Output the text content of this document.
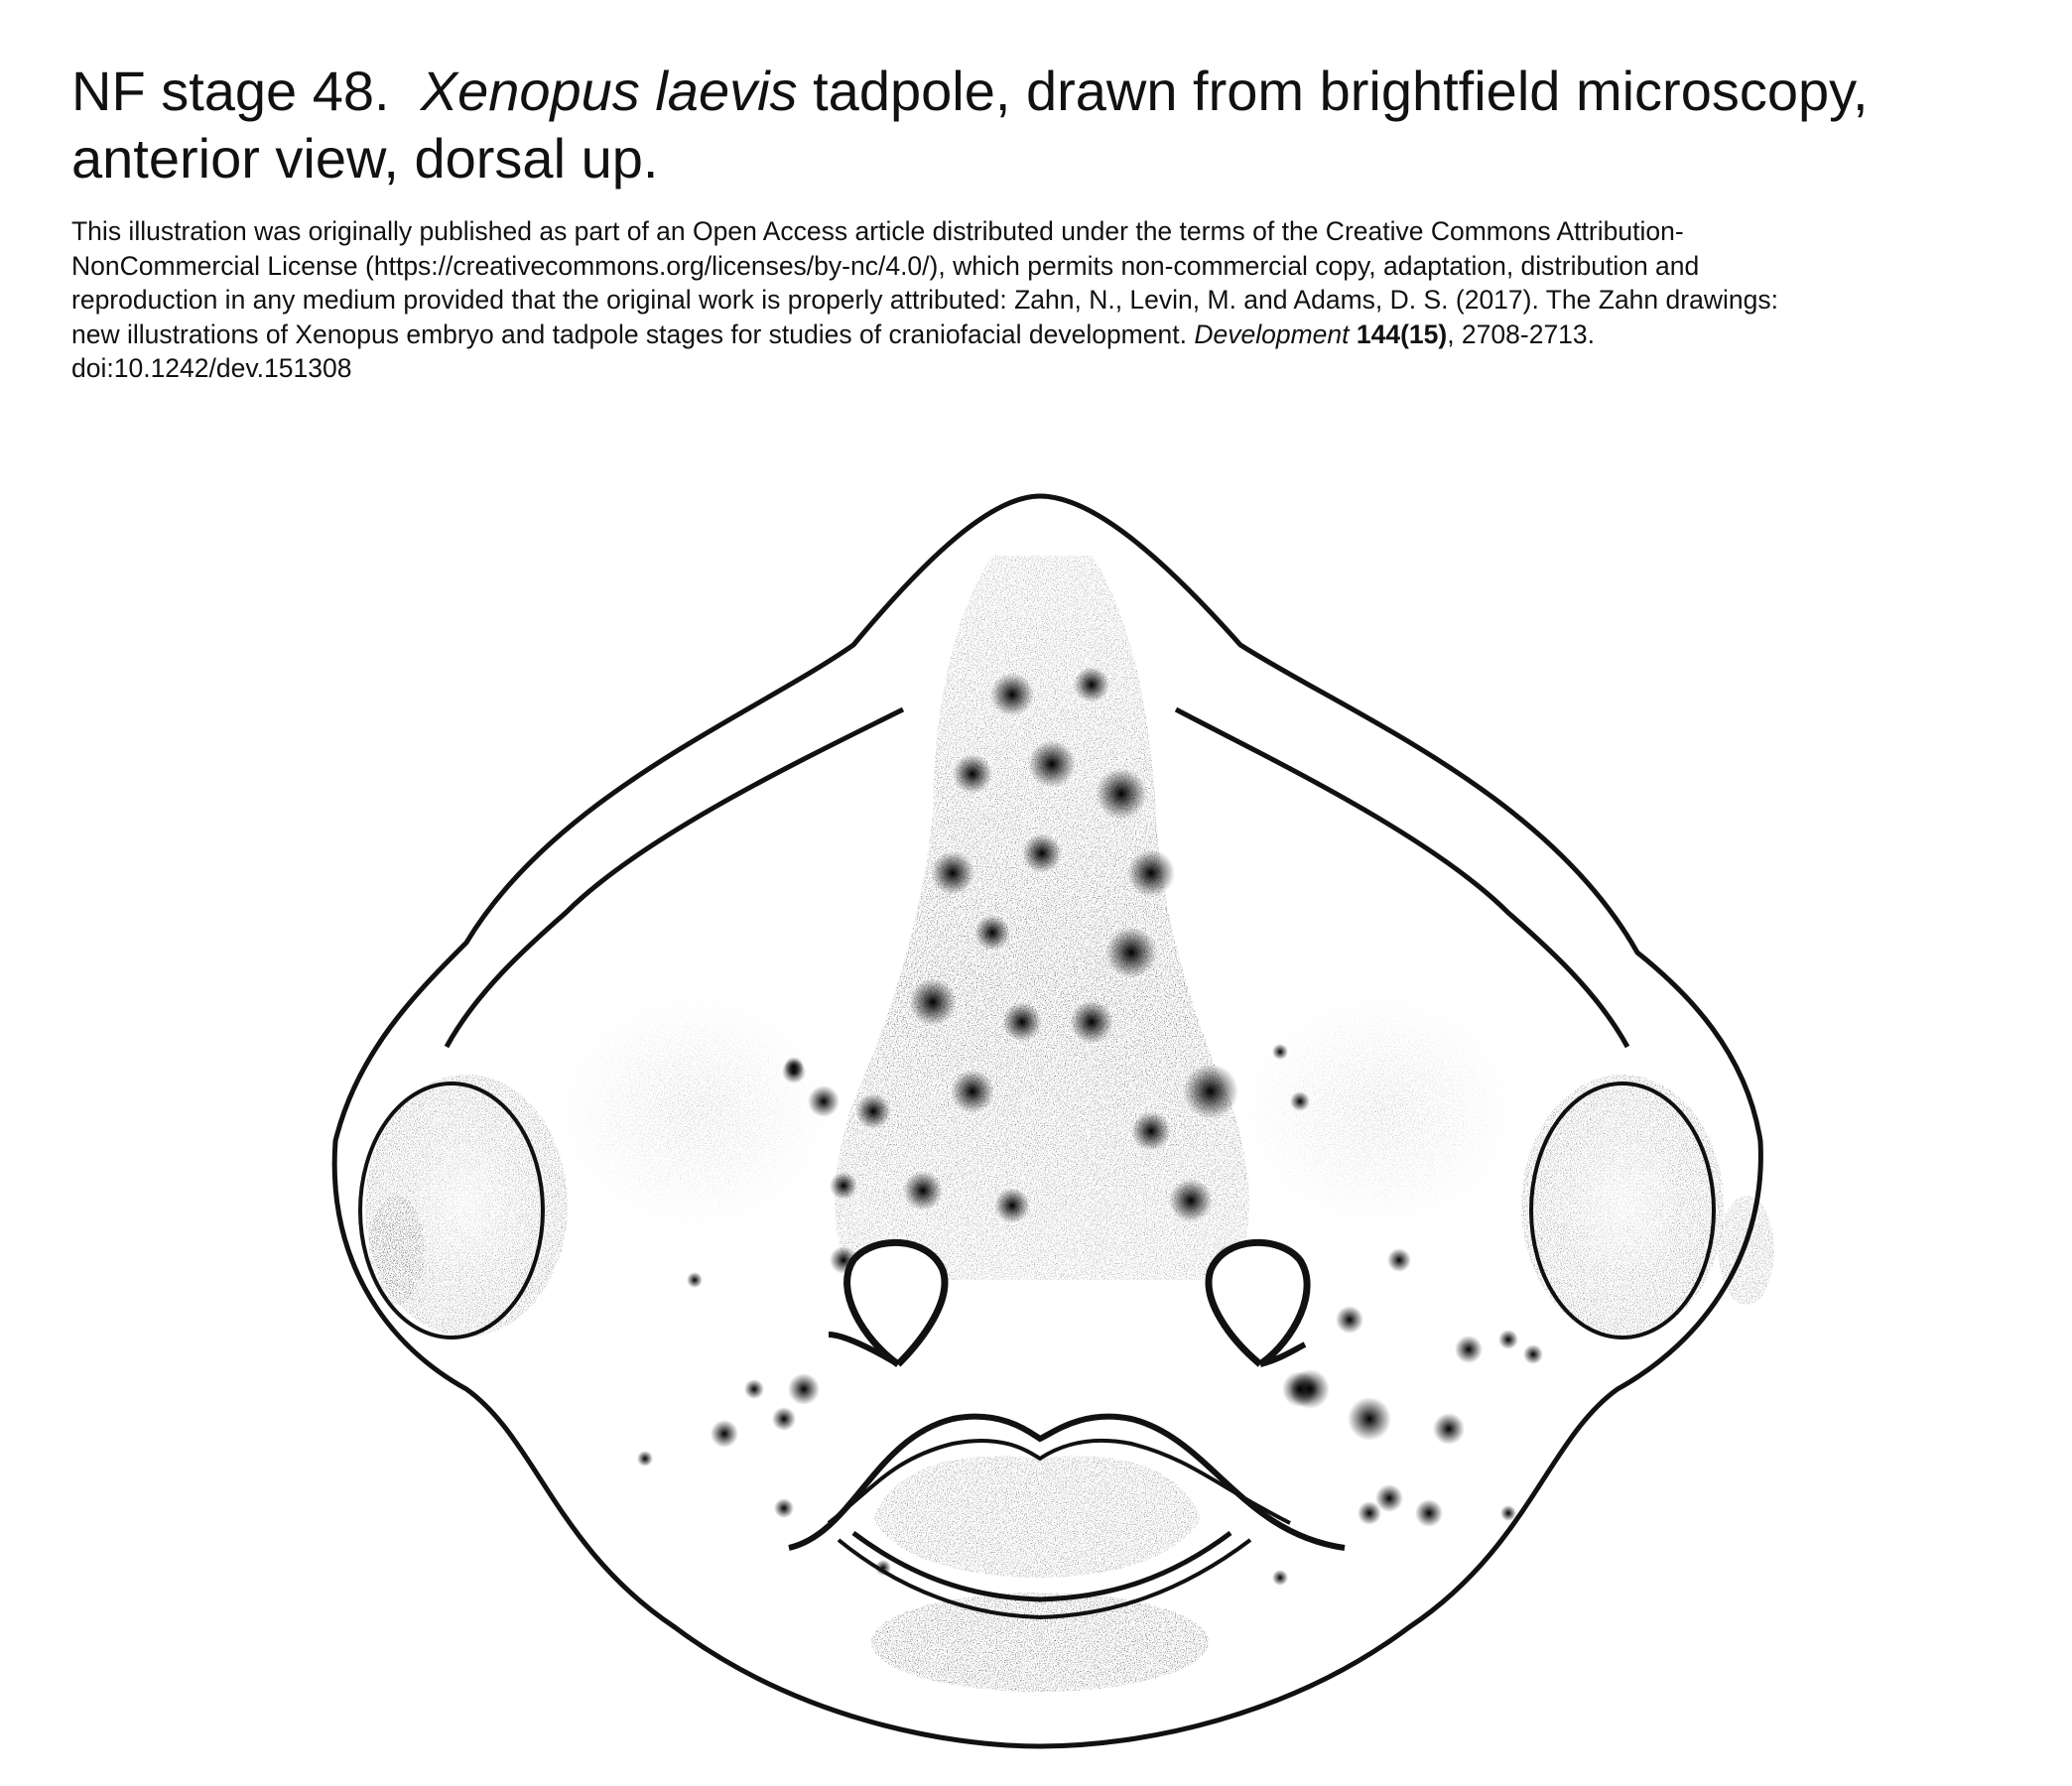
NF stage 48. Xenopus laevis tadpole, drawn from brightfield microscopy,
anterior view, dorsal up.
This illustration was originally published as part of an Open Access article distributed under the terms of the Creative Commons Attribution-
NonCommercial License (https://creativecommons.org/licenses/by-nc/4.0/), which permits non-commercial copy, adaptation, distribution and
reproduction in any medium provided that the original work is properly attributed: Zahn, N., Levin, M. and Adams, D. S. (2017). The Zahn drawings:
new illustrations of Xenopus embryo and tadpole stages for studies of craniofacial development. Development 144(15), 2708-2713.
doi:10.1242/dev.151308
